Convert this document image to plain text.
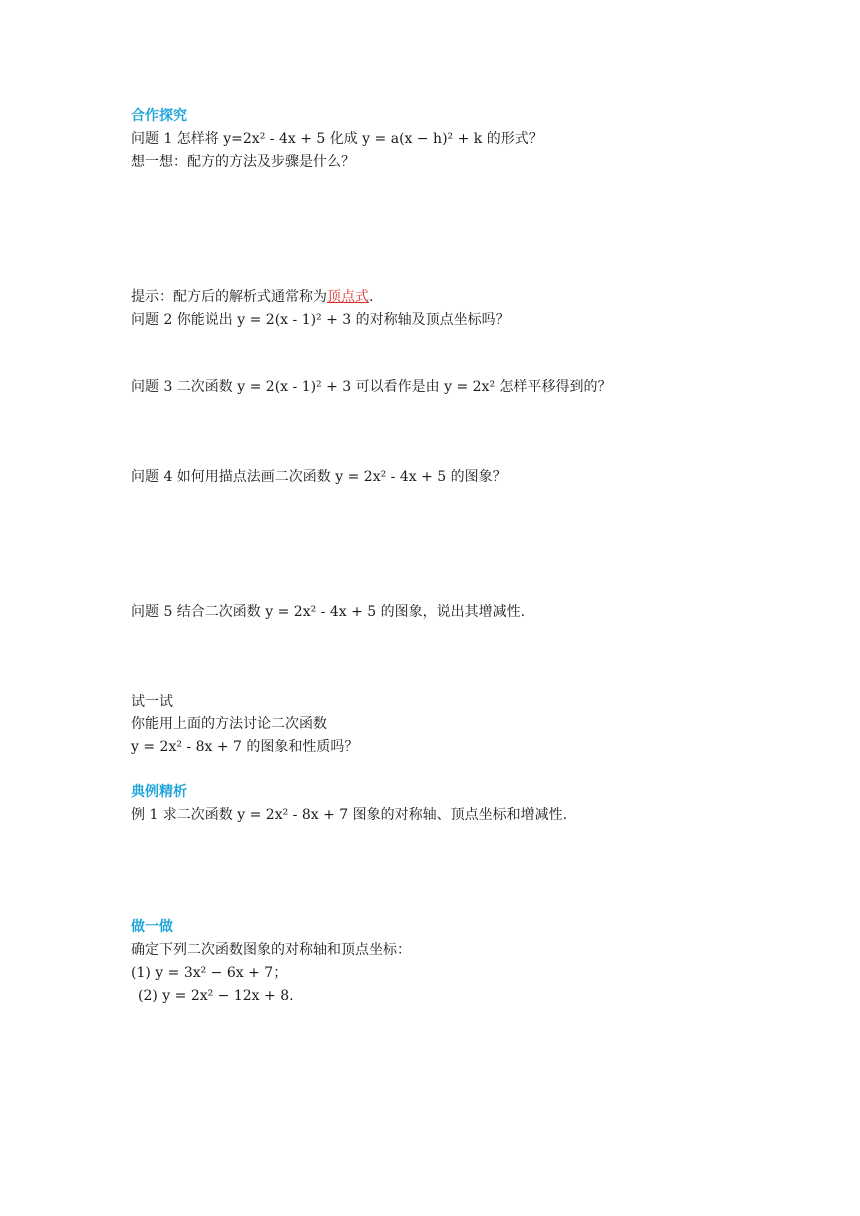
合作探究
问题 1 怎样将 y=2x² - 4x + 5 化成 y = a(x − h)² + k 的形式？
想一想：配方的方法及步骤是什么？
提示：配方后的解析式通常称为顶点式.
问题 2 你能说出 y = 2(x - 1)² + 3 的对称轴及顶点坐标吗？
问题 3 二次函数 y = 2(x - 1)² + 3 可以看作是由 y = 2x² 怎样平移得到的？
问题 4 如何用描点法画二次函数 y = 2x² - 4x + 5 的图象？
问题 5 结合二次函数 y = 2x² - 4x + 5 的图象，说出其增减性.
试一试
你能用上面的方法讨论二次函数
y = 2x² - 8x + 7 的图象和性质吗？
典例精析
例 1 求二次函数 y = 2x² - 8x + 7 图象的对称轴、顶点坐标和增减性.
做一做
确定下列二次函数图象的对称轴和顶点坐标：
(1) y = 3x² − 6x + 7；
(2) y = 2x² − 12x + 8.
